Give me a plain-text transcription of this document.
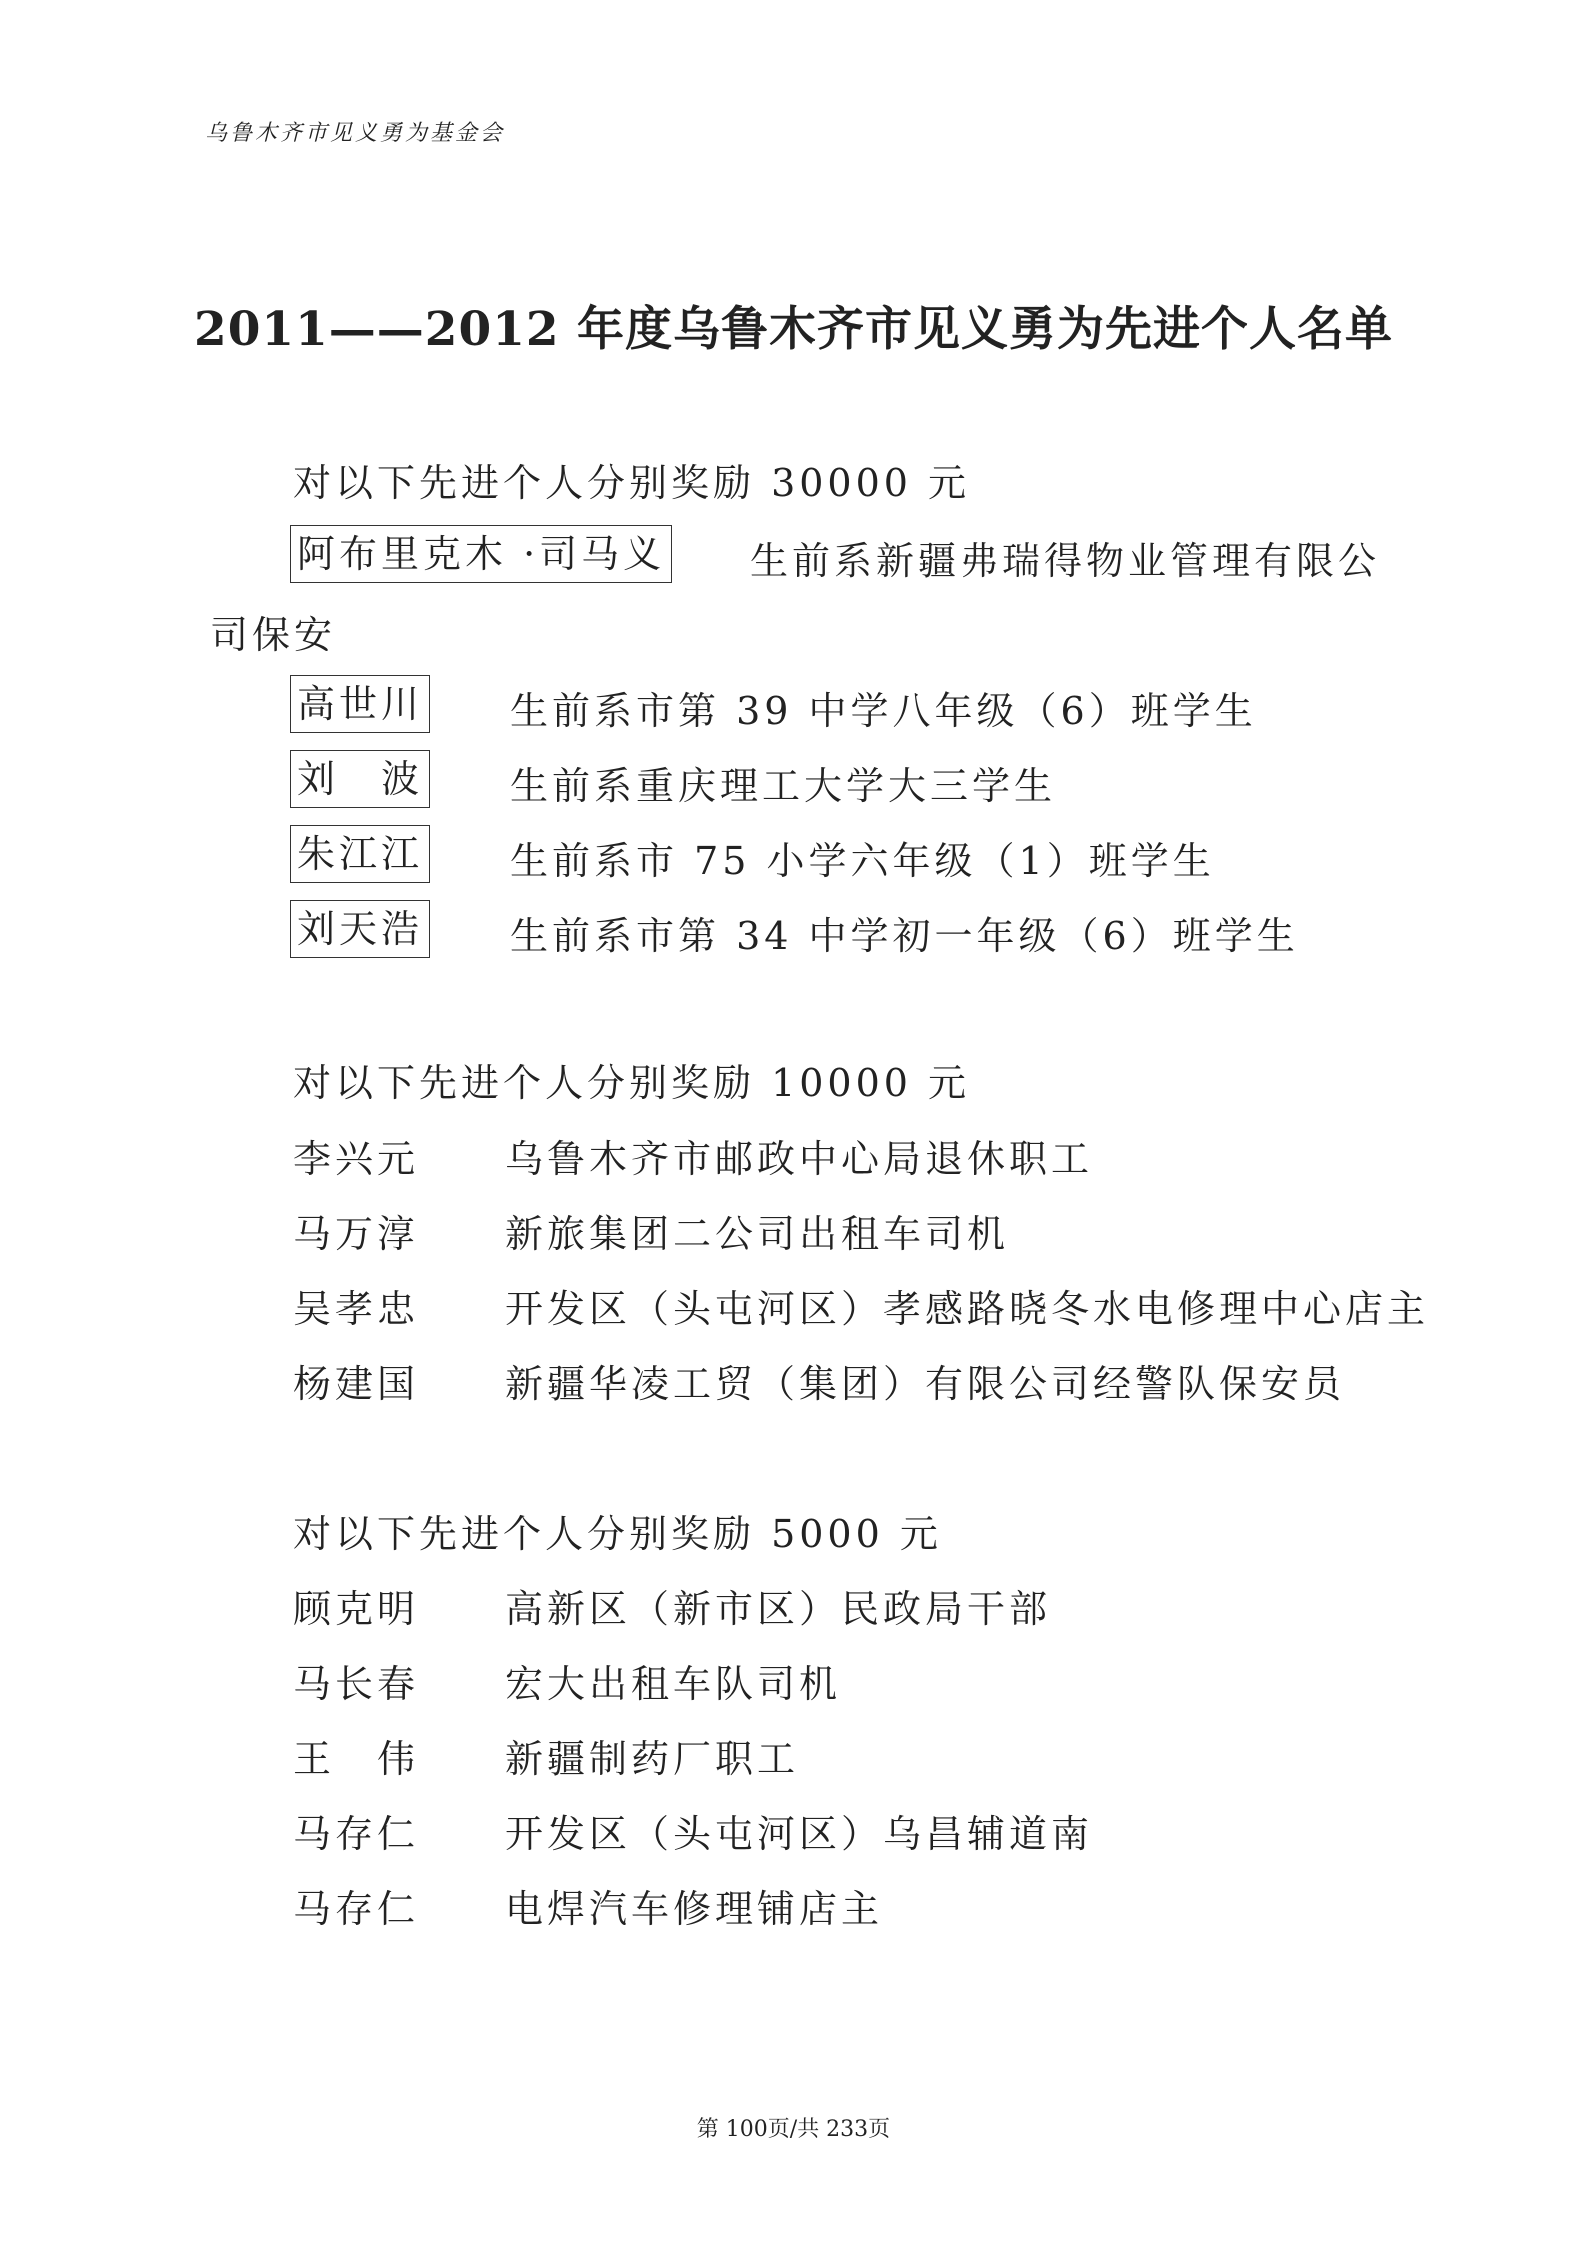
乌鲁木齐市见义勇为基金会
2011——2012 年度乌鲁木齐市见义勇为先进个人名单
对以下先进个人分别奖励 30000 元
阿布里克木 ·司马义 生前系新疆弗瑞得物业管理有限公
司保安
高世川 生前系市第 39 中学八年级（6）班学生
刘　波 生前系重庆理工大学大三学生
朱江江 生前系市 75 小学六年级（1）班学生
刘天浩 生前系市第 34 中学初一年级（6）班学生
对以下先进个人分别奖励 10000 元
李兴元 乌鲁木齐市邮政中心局退休职工
马万淳 新旅集团二公司出租车司机
吴孝忠 开发区（头屯河区）孝感路晓冬水电修理中心店主
杨建国 新疆华凌工贸（集团）有限公司经警队保安员
对以下先进个人分别奖励 5000 元
顾克明 高新区（新市区）民政局干部
马长春 宏大出租车队司机
王　伟 新疆制药厂职工
马存仁 开发区（头屯河区）乌昌辅道南
马存仁 电焊汽车修理铺店主
第 100页/共 233页
